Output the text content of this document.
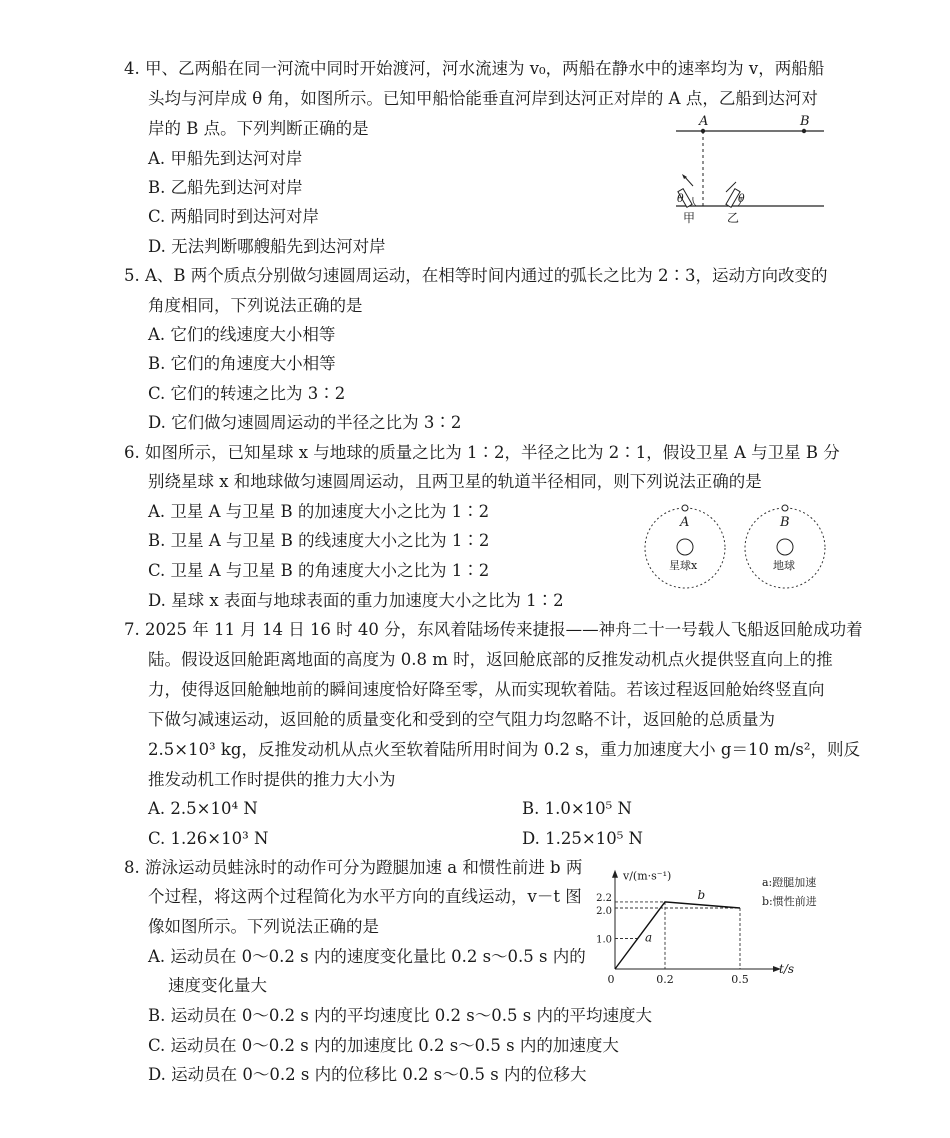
4. 甲、乙两船在同一河流中同时开始渡河，河水流速为 v₀，两船在静水中的速率均为 v，两船船
头均与河岸成 θ 角，如图所示。已知甲船恰能垂直河岸到达河正对岸的 A 点，乙船到达河对
岸的 B 点。下列判断正确的是
A. 甲船先到达河对岸
B. 乙船先到达河对岸
C. 两船同时到达河对岸
D. 无法判断哪艘船先到达河对岸
A	B
θ	θ
甲	乙
5. A、B 两个质点分别做匀速圆周运动，在相等时间内通过的弧长之比为 2∶3，运动方向改变的
角度相同，下列说法正确的是
A. 它们的线速度大小相等
B. 它们的角速度大小相等
C. 它们的转速之比为 3∶2
D. 它们做匀速圆周运动的半径之比为 3∶2
6. 如图所示，已知星球 x 与地球的质量之比为 1∶2，半径之比为 2∶1，假设卫星 A 与卫星 B 分
别绕星球 x 和地球做匀速圆周运动，且两卫星的轨道半径相同，则下列说法正确的是
A. 卫星 A 与卫星 B 的加速度大小之比为 1∶2
B. 卫星 A 与卫星 B 的线速度大小之比为 1∶2
C. 卫星 A 与卫星 B 的角速度大小之比为 1∶2
D. 星球 x 表面与地球表面的重力加速度大小之比为 1∶2
A
星球x
B
地球
7. 2025 年 11 月 14 日 16 时 40 分，东风着陆场传来捷报——神舟二十一号载人飞船返回舱成功着
陆。假设返回舱距离地面的高度为 0.8 m 时，返回舱底部的反推发动机点火提供竖直向上的推
力，使得返回舱触地前的瞬间速度恰好降至零，从而实现软着陆。若该过程返回舱始终竖直向
下做匀减速运动，返回舱的质量变化和受到的空气阻力均忽略不计，返回舱的总质量为
2.5×10³ kg，反推发动机从点火至软着陆所用时间为 0.2 s，重力加速度大小 g＝10 m/s²，则反
推发动机工作时提供的推力大小为
A. 2.5×10⁴ N	B. 1.0×10⁵ N
C. 1.26×10³ N	D. 1.25×10⁵ N
8. 游泳运动员蛙泳时的动作可分为蹬腿加速 a 和惯性前进 b 两
个过程，将这两个过程简化为水平方向的直线运动，v－t 图
像如图所示。下列说法正确的是
A. 运动员在 0～0.2 s 内的速度变化量比 0.2 s～0.5 s 内的
速度变化量大
B. 运动员在 0～0.2 s 内的平均速度比 0.2 s～0.5 s 内的平均速度大
C. 运动员在 0～0.2 s 内的加速度比 0.2 s～0.5 s 内的加速度大
D. 运动员在 0～0.2 s 内的位移比 0.2 s～0.5 s 内的位移大
v/(m·s⁻¹)
t/s
0	0.2	0.5
1.0
2.0
2.2
a
b
a:蹬腿加速
b:惯性前进
